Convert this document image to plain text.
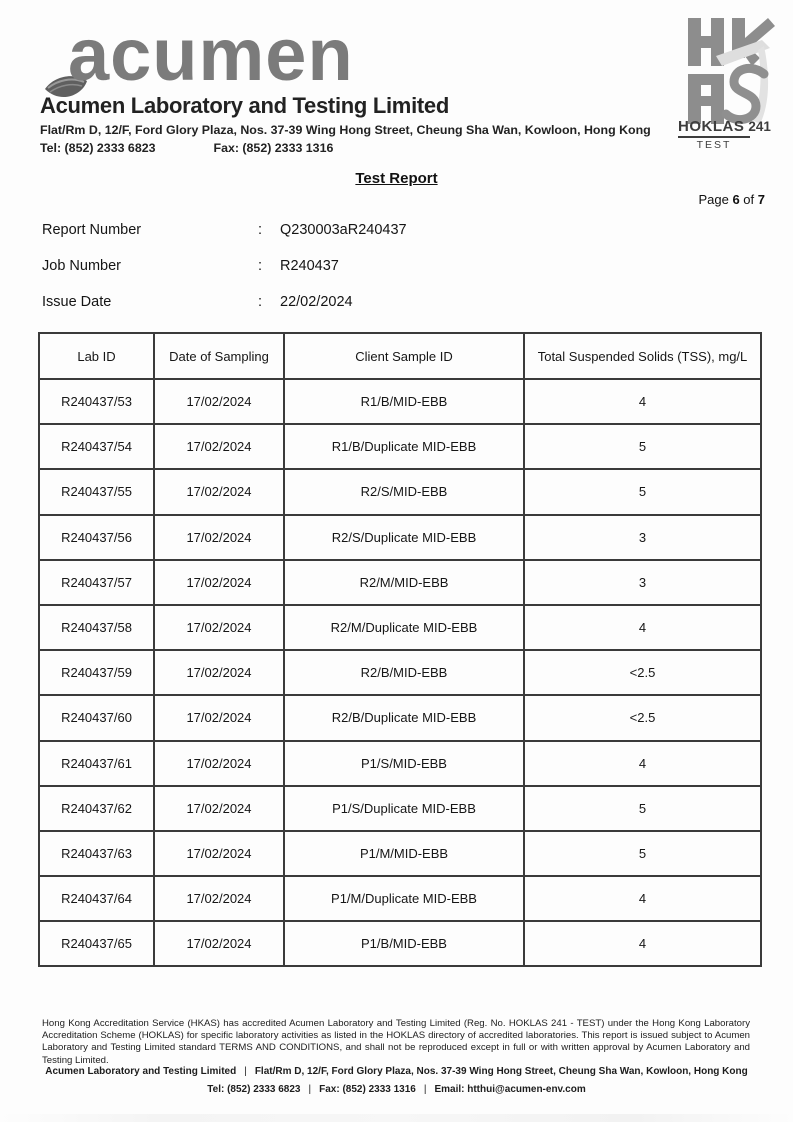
acumen
Acumen Laboratory and Testing Limited
Flat/Rm D, 12/F, Ford Glory Plaza, Nos. 37-39 Wing Hong Street, Cheung Sha Wan, Kowloon, Hong Kong
Tel: (852) 2333 6823	Fax: (852) 2333 1316
HOKLAS 241
TEST
Test Report
Page 6 of 7
Report Number	: Q230003aR240437
Job Number	: R240437
Issue Date	: 22/02/2024
Lab ID	Date of Sampling	Client Sample ID	Total Suspended Solids (TSS), mg/L
R240437/53	17/02/2024	R1/B/MID-EBB	4
R240437/54	17/02/2024	R1/B/Duplicate MID-EBB	5
R240437/55	17/02/2024	R2/S/MID-EBB	5
R240437/56	17/02/2024	R2/S/Duplicate MID-EBB	3
R240437/57	17/02/2024	R2/M/MID-EBB	3
R240437/58	17/02/2024	R2/M/Duplicate MID-EBB	4
R240437/59	17/02/2024	R2/B/MID-EBB	<2.5
R240437/60	17/02/2024	R2/B/Duplicate MID-EBB	<2.5
R240437/61	17/02/2024	P1/S/MID-EBB	4
R240437/62	17/02/2024	P1/S/Duplicate MID-EBB	5
R240437/63	17/02/2024	P1/M/MID-EBB	5
R240437/64	17/02/2024	P1/M/Duplicate MID-EBB	4
R240437/65	17/02/2024	P1/B/MID-EBB	4
Hong Kong Accreditation Service (HKAS) has accredited Acumen Laboratory and Testing Limited (Reg. No. HOKLAS 241 - TEST) under the Hong Kong Laboratory Accreditation Scheme (HOKLAS) for specific laboratory activities as listed in the HOKLAS directory of accredited laboratories. This report is issued subject to Acumen Laboratory and Testing Limited standard TERMS AND CONDITIONS, and shall not be reproduced except in full or with written approval by Acumen Laboratory and Testing Limited.
Acumen Laboratory and Testing Limited | Flat/Rm D, 12/F, Ford Glory Plaza, Nos. 37-39 Wing Hong Street, Cheung Sha Wan, Kowloon, Hong Kong
Tel: (852) 2333 6823 | Fax: (852) 2333 1316 | Email: htthui@acumen-env.com
